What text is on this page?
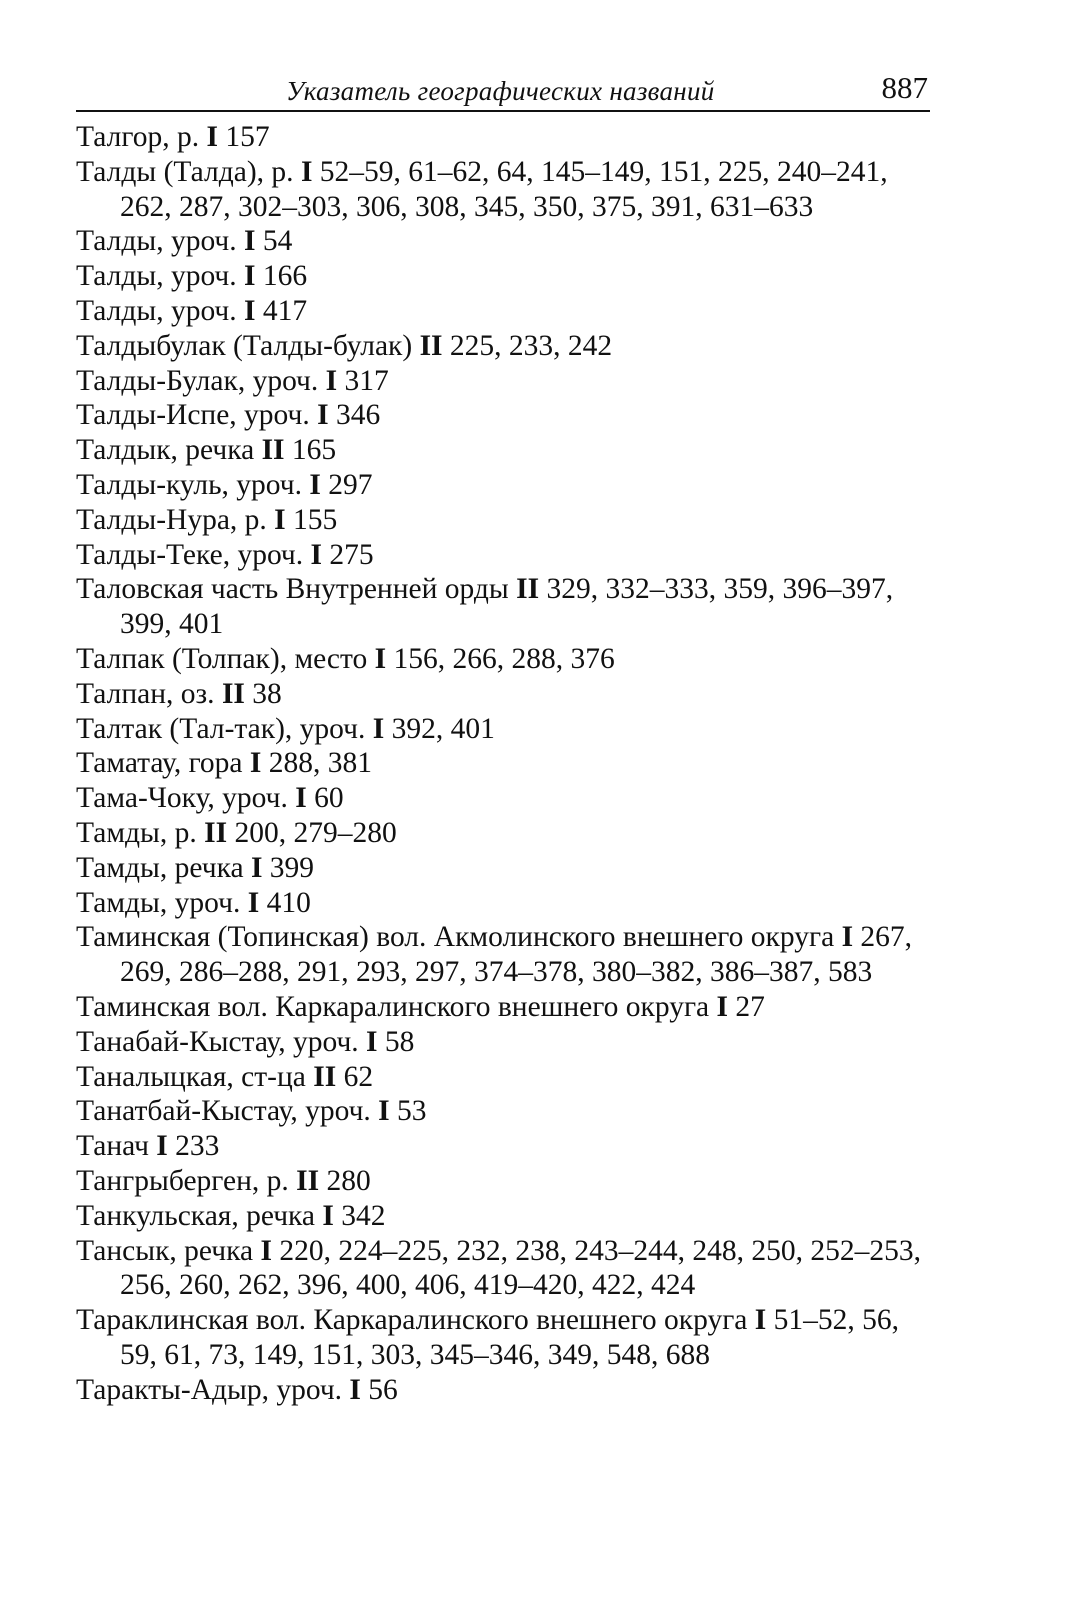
Указатель географических названий	887

Талгор, р. I 157

Талды (Талда), р. I 52–59, 61–62, 64, 145–149, 151, 225, 240–241, 262, 287, 302–303, 306, 308, 345, 350, 375, 391, 631–633

Талды, уроч. I 54

Талды, уроч. I 166

Талды, уроч. I 417

Талдыбулак (Талды-булак) II 225, 233, 242

Талды-Булак, уроч. I 317

Талды-Испе, уроч. I 346

Талдык, речка II 165

Талды-куль, уроч. I 297

Талды-Нура, р. I 155

Талды-Теке, уроч. I 275

Таловская часть Внутренней орды II 329, 332–333, 359, 396–397, 399, 401

Талпак (Толпак), место I 156, 266, 288, 376

Талпан, оз. II 38

Талтак (Тал-так), уроч. I 392, 401

Таматау, гора I 288, 381

Тама-Чоку, уроч. I 60

Тамды, р. II 200, 279–280

Тамды, речка I 399

Тамды, уроч. I 410

Таминская (Топинская) вол. Акмолинского внешнего округа I 267, 269, 286–288, 291, 293, 297, 374–378, 380–382, 386–387, 583

Таминская вол. Каркаралинского внешнего округа I 27

Танабай-Кыстау, уроч. I 58

Таналыцкая, ст-ца II 62

Танатбай-Кыстау, уроч. I 53

Танач I 233

Тангрыберген, р. II 280

Танкульская, речка I 342

Тансык, речка I 220, 224–225, 232, 238, 243–244, 248, 250, 252–253, 256, 260, 262, 396, 400, 406, 419–420, 422, 424

Тараклинская вол. Каркаралинского внешнего округа I 51–52, 56, 59, 61, 73, 149, 151, 303, 345–346, 349, 548, 688

Таракты-Адыр, уроч. I 56
